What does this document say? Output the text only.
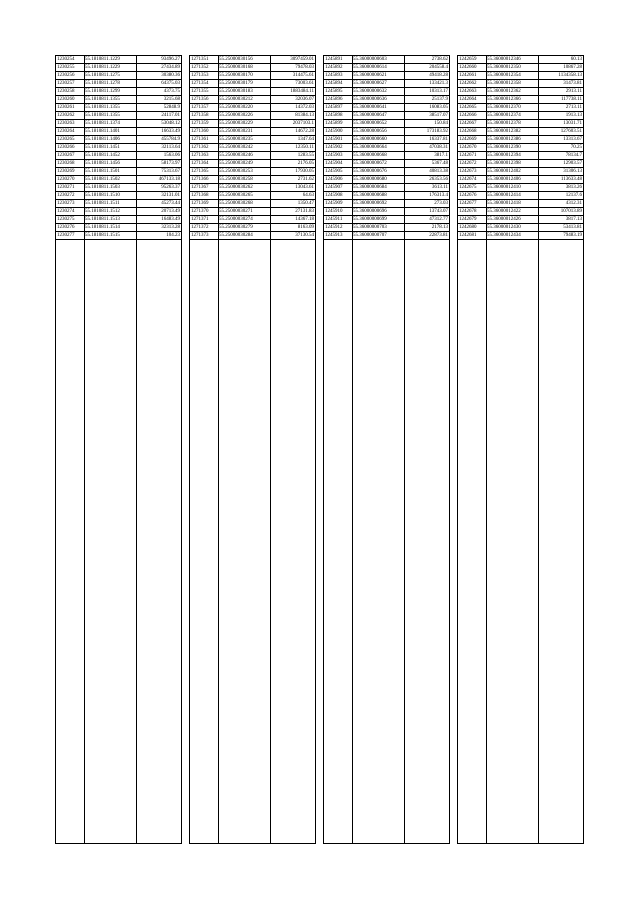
1230254	55.1810811.1229	93496.27
1230255	55.1810811.1229	27434.89
1230256	55.1810811.1275	30380.36
1230257	55.1810811.1278	64375.03
1230258	55.1810811.1299	4373.75
1230260	55.1810811.1355	3215.68
1230261	55.1810811.1355	52848.9
1230262	55.1810811.1355	24117.01
1230263	55.1810811.1374	53048.12
1230264	55.1810811.1401	16633.49
1230265	55.1810811.1406	455784.9
1230266	55.1810811.1451	32113.64
1230267	55.1810811.1452	1563.06
1230268	55.1810811.1456	58173.97
1230269	55.1810811.1501	75313.67
1230270	55.1810811.1502	467133.18
1230271	55.1810811.1503	95263.37
1230272	55.1810811.1510	32131.01
1230273	55.1810811.1511	45273.44
1230274	55.1810811.1512	20713.49
1230275	55.1810811.1513	16483.49
1230276	55.1810811.1514	32313.28
1230277	55.1810811.1515	104.23
1271351	55.25000030156	3097459.01
1271352	55.25000030168	79478.03
1271353	55.25000030170	314475.61
1271354	55.25000030179	73003.61
1271355	55.25000030183	1883484.11
1271356	55.25000030212	32036.07
1271357	55.25000030220	14372.03
1271358	55.25000030226	81384.13
1271359	55.25000030229	2037103.1
1271360	55.25000030231	14672.28
1271361	55.25000030235	1347.64
1271362	55.25000030242	12350.11
1271363	55.25000030246	1283.55
1271364	55.25000030249	2176.05
1271365	55.25000030253	17930.05
1271366	55.25000030258	2731.62
1271367	55.25000030262	13043.61
1271368	55.25000030265	64.63
1271369	55.25000030268	1350.47
1271370	55.25000030271	27131.83
1271371	55.25000030274	14367.18
1271372	55.25000030279	8163.09
1271373	55.25000030284	37130.54
1245891	55.36000000603	2738.62
1245892	55.36000000614	204558.4
1245893	55.36000000621	49418.28
1245894	55.36000000627	133421.3
1245895	55.36000000632	10313.17
1245896	55.36000000636	25137.9
1245897	55.36000000641	16083.05
1245898	55.36000000647	38517.07
1245899	55.36000000652	150.84
1245900	55.36000000656	173183.92
1245901	55.36000000660	16337.81
1245902	55.36000000664	47038.31
1245903	55.36000000668	3817.1
1245904	55.36000000672	5367.48
1245905	55.36000000676	40813.38
1245906	55.36000000680	26353.56
1245907	55.36000000684	3613.11
1245908	55.36000000688	176313.4
1245909	55.36000000692	273.03
1245910	55.36000000696	13743.07
1245911	55.36000000699	47312.77
1245912	55.36000000703	2178.13
1245913	55.36000000707	22873.81
1242659	55.36000012346	60.13
1242660	55.36000012350	10867.28
1242661	55.36000012354	1134358.13
1242662	55.36000012358	31473.81
1242663	55.36000012362	2913.11
1242664	55.36000012366	117738.11
1242665	55.36000012370	2713.11
1242666	55.36000012374	1913.13
1242667	55.36000012378	13031.71
1242668	55.36000012382	127603.51
1242669	55.36000012386	13313.67
1242670	55.36000012390	70.25
1242671	55.36000012394	78134.7
1242672	55.36000012398	12903.57
1242673	55.36000012402	31306.13
1242674	55.36000012406	113633.48
1242675	55.36000012410	3813.26
1242676	55.36000012414	12137.6
1242677	55.36000012418	4312.31
1242678	55.36000012422	107013.89
1242679	55.36000012426	3817.13
1242680	55.36000012430	53413.81
1242681	55.36000012434	79483.19
